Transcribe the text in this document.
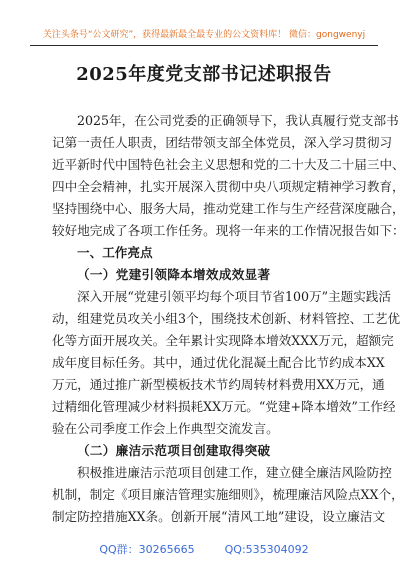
关注头条号“公文研究”，获得最新最全最专业的公文资料库！ 微信：gongwenyj
2025年度党支部书记述职报告

2025年，在公司党委的正确领导下，我认真履行党支部书

记第一责任人职责，团结带领支部全体党员，深入学习贯彻习

近平新时代中国特色社会主义思想和党的二十大及二十届三中、

四中全会精神，扎实开展深入贯彻中央八项规定精神学习教育，

坚持围绕中心、服务大局，推动党建工作与生产经营深度融合，

较好地完成了各项工作任务。现将一年来的工作情况报告如下：

一、工作亮点

（一）党建引领降本增效成效显著

深入开展“党建引领平均每个项目节省100万”主题实践活

动，组建党员攻关小组3个，围绕技术创新、材料管控、工艺优

化等方面开展攻关。全年累计实现降本增效XXX万元，超额完

成年度目标任务。其中，通过优化混凝土配合比节约成本XX

万元，通过推广新型模板技术节约周转材料费用XX万元，通

过精细化管理减少材料损耗XX万元。“党建+降本增效”工作经

验在公司季度工作会上作典型交流发言。

（二）廉洁示范项目创建取得突破

积极推进廉洁示范项目创建工作，建立健全廉洁风险防控

机制，制定《项目廉洁管理实施细则》，梳理廉洁风险点XX个，

制定防控措施XX条。创新开展“清风工地”建设，设立廉洁文

QQ群：30265665	QQ:535304092
